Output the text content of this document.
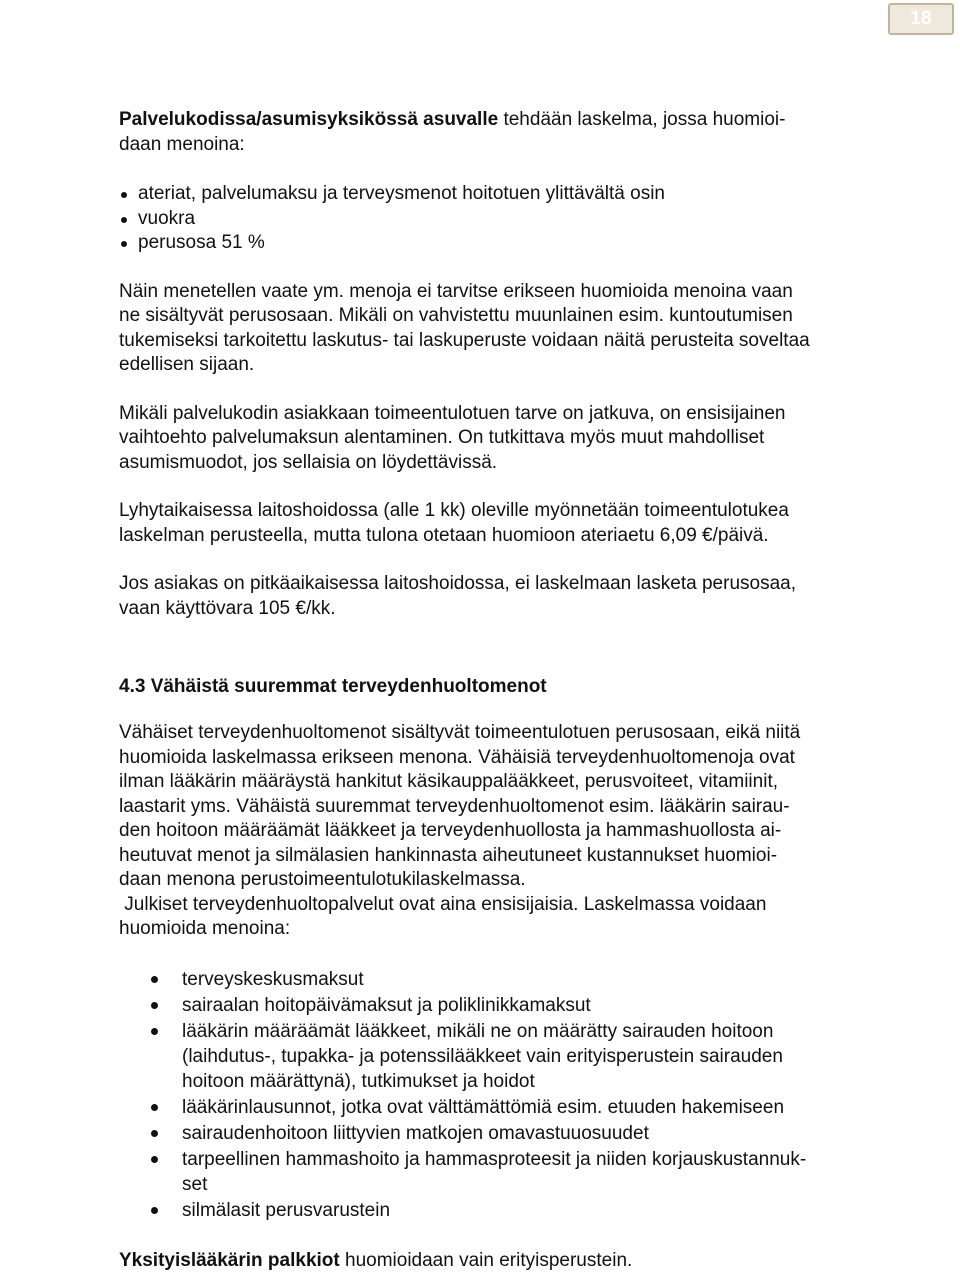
18

Palvelukodissa/asumisyksikössä asuvalle tehdään laskelma, jossa huomioi-
daan menoina:

ateriat, palvelumaksu ja terveysmenot hoitotuen ylittävältä osin
vuokra
perusosa 51 %

Näin menetellen vaate ym. menoja ei tarvitse erikseen huomioida menoina vaan
ne sisältyvät perusosaan. Mikäli on vahvistettu muunlainen esim. kuntoutumisen
tukemiseksi tarkoitettu laskutus- tai laskuperuste voidaan näitä perusteita soveltaa
edellisen sijaan.

Mikäli palvelukodin asiakkaan toimeentulotuen tarve on jatkuva, on ensisijainen
vaihtoehto palvelumaksun alentaminen. On tutkittava myös muut mahdolliset
asumismuodot, jos sellaisia on löydettävissä.

Lyhytaikaisessa laitoshoidossa (alle 1 kk) oleville myönnetään toimeentulotukea
laskelman perusteella, mutta tulona otetaan huomioon ateriaetu 6,09 €/päivä.

Jos asiakas on pitkäaikaisessa laitoshoidossa, ei laskelmaan lasketa perusosaa,
vaan käyttövara 105 €/kk.

4.3 Vähäistä suuremmat terveydenhuoltomenot

Vähäiset terveydenhuoltomenot sisältyvät toimeentulotuen perusosaan, eikä niitä
huomioida laskelmassa erikseen menona. Vähäisiä terveydenhuoltomenoja ovat
ilman lääkärin määräystä hankitut käsikauppalääkkeet, perusvoiteet, vitamiinit,
laastarit yms. Vähäistä suuremmat terveydenhuoltomenot esim. lääkärin sairau-
den hoitoon määräämät lääkkeet ja terveydenhuollosta ja hammashuollosta ai-
heutuvat menot ja silmälasien hankinnasta aiheutuneet kustannukset huomioi-
daan menona perustoimeentulotukilaskelmassa.
Julkiset terveydenhuoltopalvelut ovat aina ensisijaisia. Laskelmassa voidaan
huomioida menoina:

terveyskeskusmaksut
sairaalan hoitopäivämaksut ja poliklinikkamaksut
lääkärin määräämät lääkkeet, mikäli ne on määrätty sairauden hoitoon
(laihdutus-, tupakka- ja potenssilääkkeet vain erityisperustein sairauden
hoitoon määrättynä), tutkimukset ja hoidot
lääkärinlausunnot, jotka ovat välttämättömiä esim. etuuden hakemiseen
sairaudenhoitoon liittyvien matkojen omavastuuosuudet
tarpeellinen hammashoito ja hammasproteesit ja niiden korjauskustannuk-
set
silmälasit perusvarustein

Yksityislääkärin palkkiot huomioidaan vain erityisperustein.
